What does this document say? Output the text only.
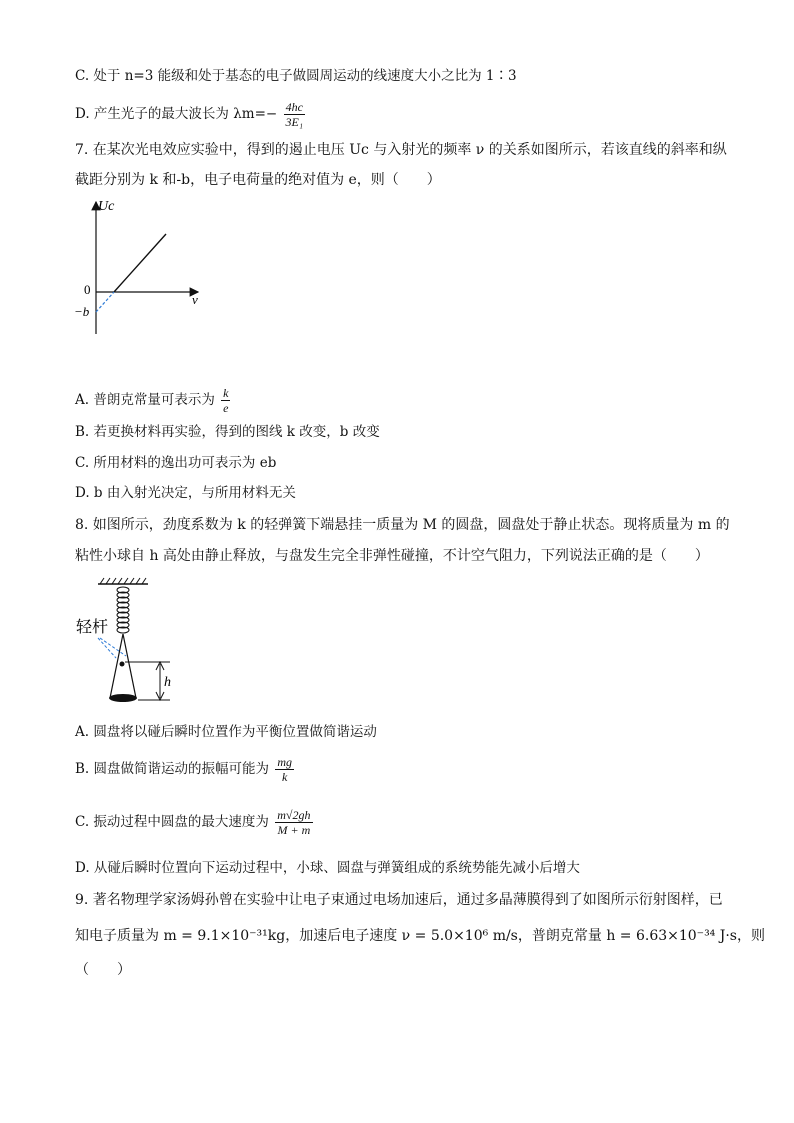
C. 处于 n=3 能级和处于基态的电子做圆周运动的线速度大小之比为 1∶3
D. 产生光子的最大波长为 $\lambda m=- \frac{4hc}{\text{3E₁}}$
7. 在某次光电效应实验中，得到的遏止电压 Uc 与入射光的频率 ν 的关系如图所示，若该直线的斜率和纵
截距分别为 k 和-b，电子电荷量的绝对值为 e，则（　　）
Uc
ν
0
−b
A. 普朗克常量可表示为 $\frac{k}{e}$
B. 若更换材料再实验，得到的图线 k 改变，b 改变
C. 所用材料的逸出功可表示为 eb
D. b 由入射光决定，与所用材料无关
8. 如图所示，劲度系数为 k 的轻弹簧下端悬挂一质量为 M 的圆盘，圆盘处于静止状态。现将质量为 m 的
粘性小球自 h 高处由静止释放，与盘发生完全非弹性碰撞，不计空气阻力，下列说法正确的是（　　）
轻杆
h
A. 圆盘将以碰后瞬时位置作为平衡位置做简谐运动
B. 圆盘做简谐运动的振幅可能为 $\frac{mg}{k}$
C. 振动过程中圆盘的最大速度为 $\frac{m√2gh}{M + m}$
D. 从碰后瞬时位置向下运动过程中，小球、圆盘与弹簧组成的系统势能先减小后增大
9. 著名物理学家汤姆孙曾在实验中让电子束通过电场加速后，通过多晶薄膜得到了如图所示衍射图样，已
知电子质量为 m = 9.1×10⁻³¹kg，加速后电子速度 ν = 5.0×10⁶ m/s，普朗克常量 h = 6.63×10⁻³⁴ J·s，则
（　　）
